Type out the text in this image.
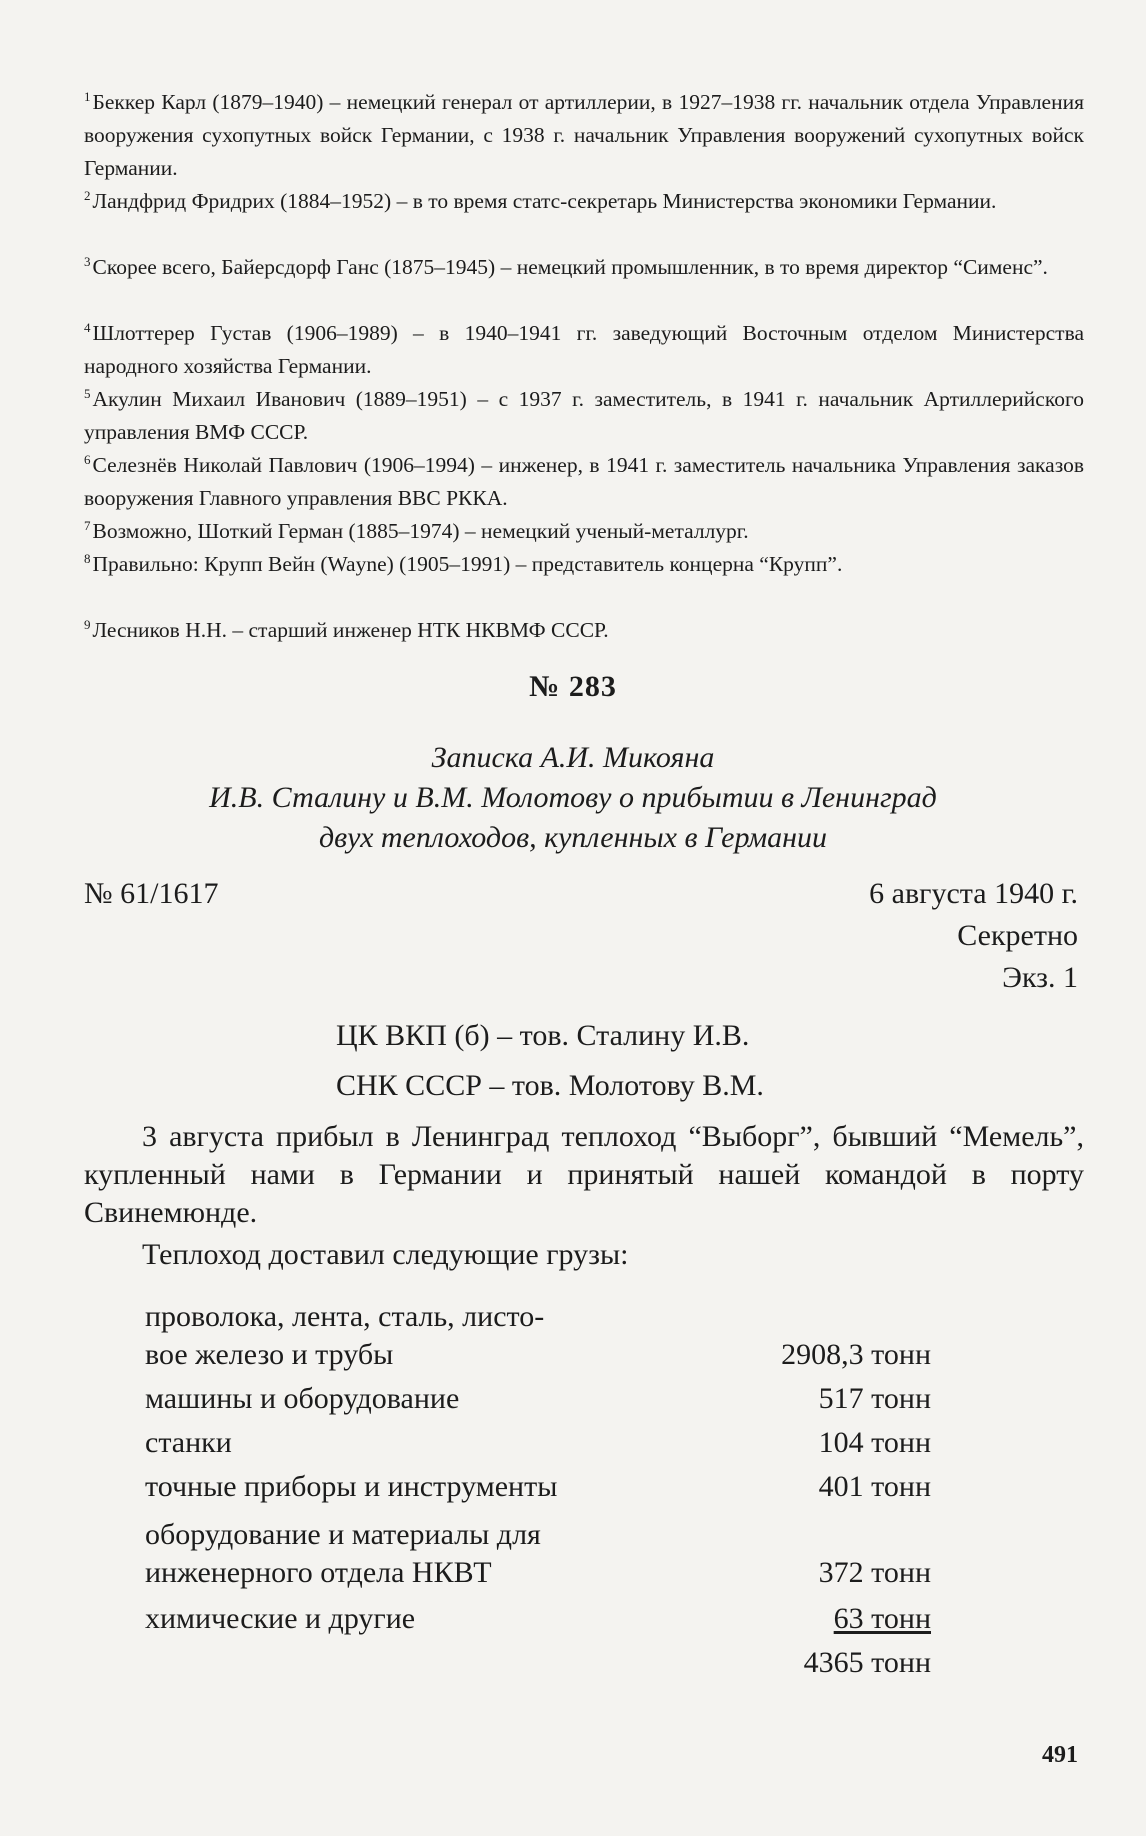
$^1$Беккер Карл (1879–1940) – немецкий генерал от артиллерии, в 1927–1938 гг. начальник отдела Управления вооружения сухопутных войск Германии, с 1938 г. начальник Управления вооружений сухопутных войск Германии.
$^2$Ландфрид Фридрих (1884–1952) – в то время статс-секретарь Министерства экономики Германии.
$^3$Скорее всего, Байерсдорф Ганс (1875–1945) – немецкий промышленник, в то время директор “Сименс”.
$^4$Шлоттерер Густав (1906–1989) – в 1940–1941 гг. заведующий Восточным отделом Министерства народного хозяйства Германии.
$^5$Акулин Михаил Иванович (1889–1951) – с 1937 г. заместитель, в 1941 г. начальник Артиллерийского управления ВМФ СССР.
$^6$Селезнёв Николай Павлович (1906–1994) – инженер, в 1941 г. заместитель начальника Управления заказов вооружения Главного управления ВВС РККА.
$^7$Возможно, Шоткий Герман (1885–1974) – немецкий ученый-металлург.
$^8$Правильно: Крупп Вейн (Wayne) (1905–1991) – представитель концерна “Крупп”.
$^9$Лесников Н.Н. – старший инженер НТК НКВМФ СССР.
№ 283
Записка А.И. Микояна
И.В. Сталину и В.М. Молотову о прибытии в Ленинград
двух теплоходов, купленных в Германии
№ 61/1617	6 августа 1940 г.
Секретно
Экз. 1
ЦК ВКП (б) – тов. Сталину И.В.
СНК СССР – тов. Молотову В.М.
3 августа прибыл в Ленинград теплоход “Выборг”, бывший “Мемель”, купленный нами в Германии и принятый нашей командой в порту Свинемюнде.
Теплоход доставил следующие грузы:
проволока, лента, сталь, листо-
вое железо и трубы	2908,3 тонн
машины и оборудование	517 тонн
станки	104 тонн
точные приборы и инструменты	401 тонн
оборудование и материалы для
инженерного отдела НКВТ	372 тонн
химические и другие	63 тонн
4365 тонн
491
